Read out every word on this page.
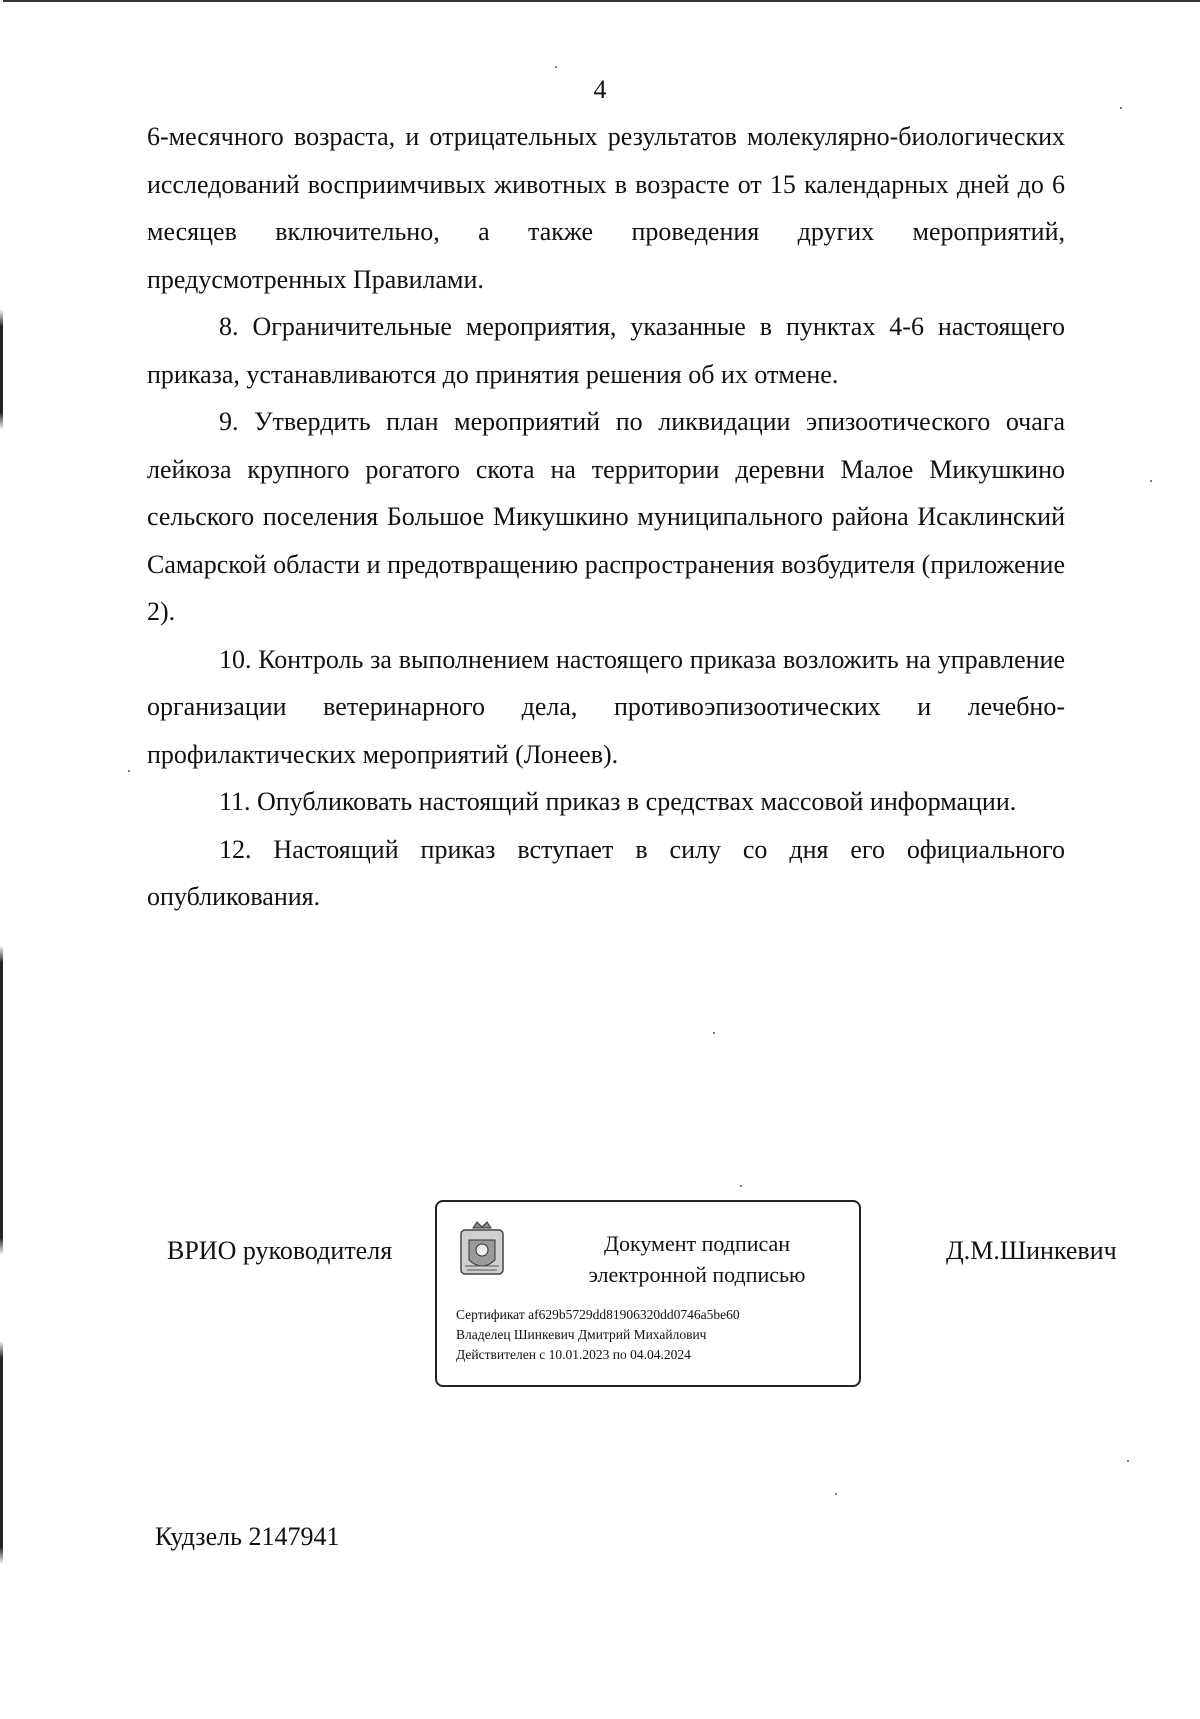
4

6-месячного возраста, и отрицательных результатов молекулярно-биологических исследований восприимчивых животных в возрасте от 15 календарных дней до 6 месяцев включительно, а также проведения других мероприятий, предусмотренных Правилами.

8. Ограничительные мероприятия, указанные в пунктах 4-6 настоящего приказа, устанавливаются до принятия решения об их отмене.

9. Утвердить план мероприятий по ликвидации эпизоотического очага лейкоза крупного рогатого скота на территории деревни Малое Микушкино сельского поселения Большое Микушкино муниципального района Исаклинский Самарской области и предотвращению распространения возбудителя (приложение 2).

10. Контроль за выполнением настоящего приказа возложить на управление организации ветеринарного дела, противоэпизоотических и лечебно-профилактических мероприятий (Лонеев).

11. Опубликовать настоящий приказ в средствах массовой информации.

12. Настоящий приказ вступает в силу со дня его официального опубликования.

ВРИО руководителя	Документ подписан
электронной подписью
Сертификат af629b5729dd81906320dd0746a5be60
Владелец Шинкевич Дмитрий Михайлович
Действителен с 10.01.2023 по 04.04.2024
Д.М.Шинкевич
Кудзель 2147941
